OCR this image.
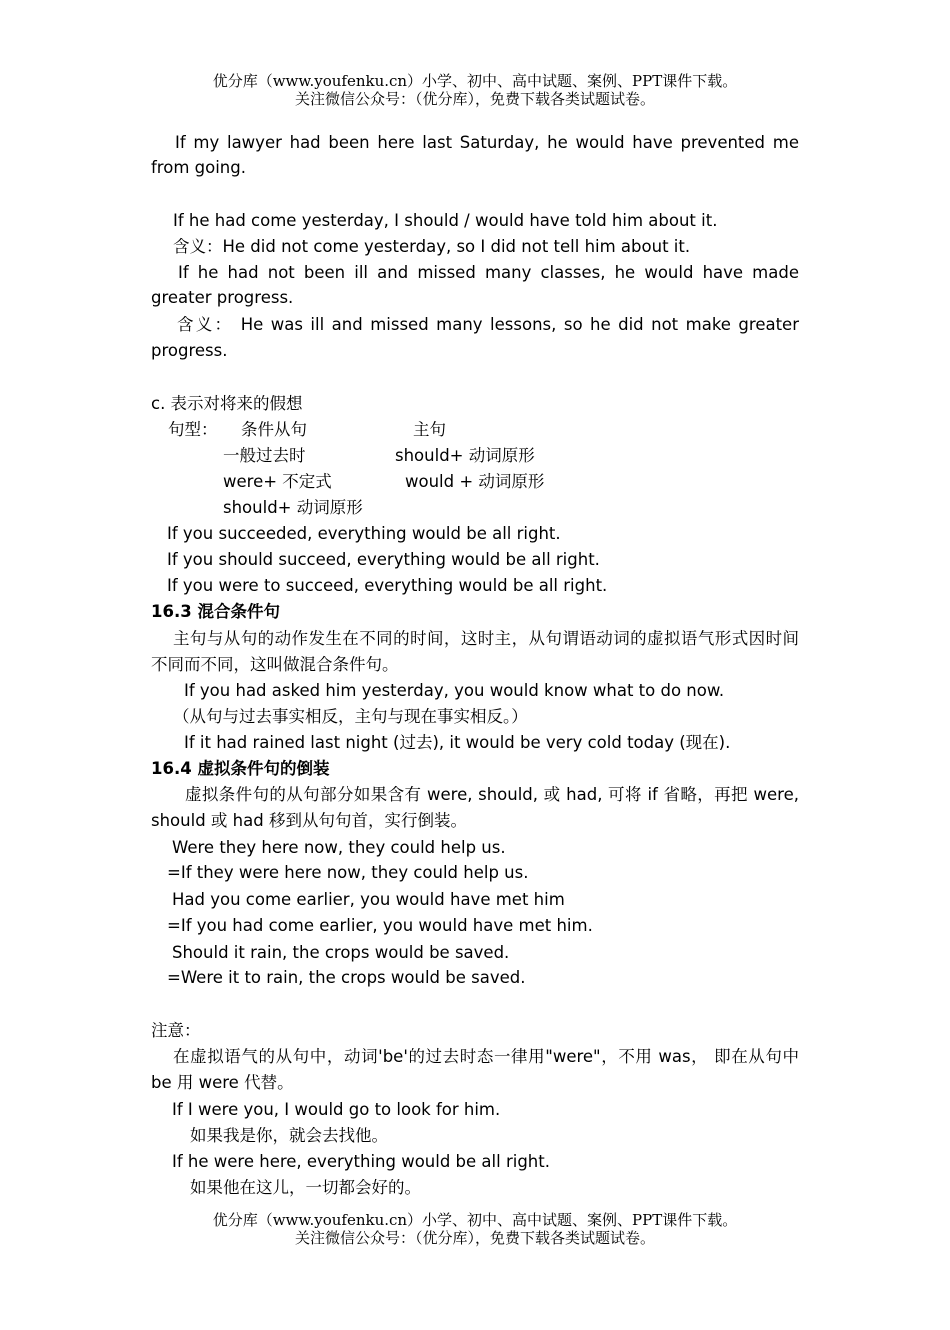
优分库（www.youfenku.cn）小学、初中、高中试题、案例、PPT课件下载。
关注微信公众号：（优分库），免费下载各类试题试卷。
If my lawyer had been here last Saturday, he would have prevented me
from going.
If he had come yesterday, I should / would have told him about it.
含义：He did not come yesterday, so I did not tell him about it.
If he had not been ill and missed many classes, he would have made
greater progress.
含义： He was ill and missed many lessons, so he did not make greater
progress.
c. 表示对将来的假想
句型： 条件从句	主句
一般过去时	should+ 动词原形
were+ 不定式	would + 动词原形
should+ 动词原形
If you succeeded, everything would be all right.
If you should succeed, everything would be all right.
If you were to succeed, everything would be all right.
16.3 混合条件句
主句与从句的动作发生在不同的时间，这时主，从句谓语动词的虚拟语气形式因时间
不同而不同，这叫做混合条件句。
If you had asked him yesterday, you would know what to do now.
（从句与过去事实相反，主句与现在事实相反。）
If it had rained last night (过去), it would be very cold today (现在).
16.4 虚拟条件句的倒装
虚拟条件句的从句部分如果含有 were, should, 或 had, 可将 if 省略，再把 were,
should 或 had 移到从句句首，实行倒装。
Were they here now, they could help us.
=If they were here now, they could help us.
Had you come earlier, you would have met him
=If you had come earlier, you would have met him.
Should it rain, the crops would be saved.
=Were it to rain, the crops would be saved.
注意：
在虚拟语气的从句中，动词'be'的过去时态一律用"were"，不用 was， 即在从句中
be 用 were 代替。
If I were you, I would go to look for him.
如果我是你，就会去找他。
If he were here, everything would be all right.
如果他在这儿，一切都会好的。
优分库（www.youfenku.cn）小学、初中、高中试题、案例、PPT课件下载。
关注微信公众号：（优分库），免费下载各类试题试卷。
